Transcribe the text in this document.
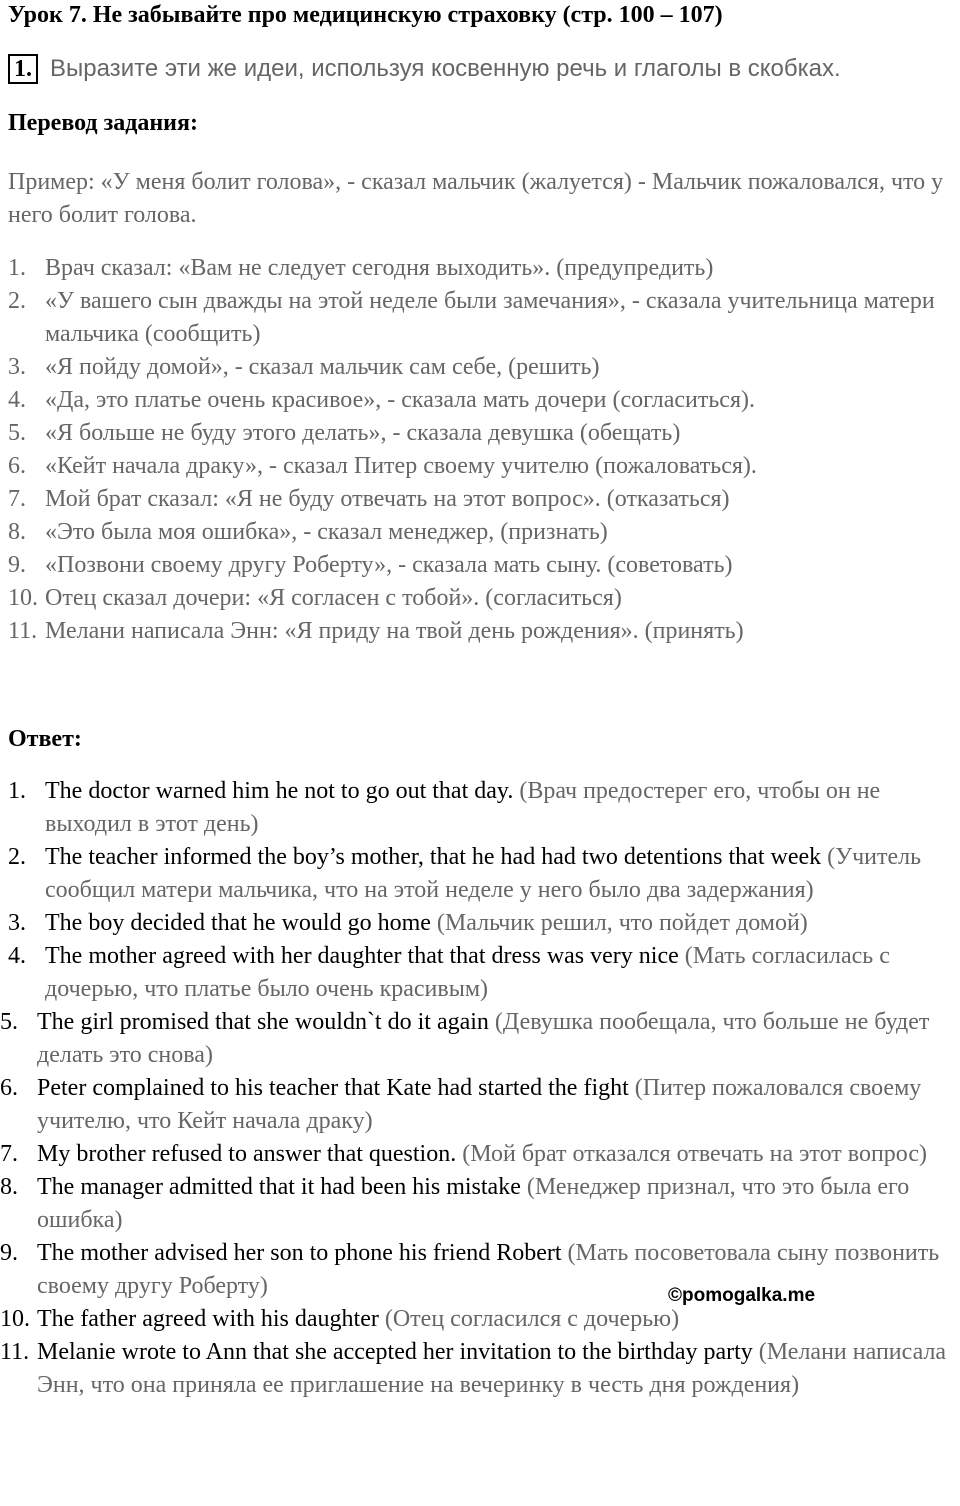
Урок 7. Не забывайте про медицинскую страховку (стр. 100 – 107)
1. Выразите эти же идеи, используя косвенную речь и глаголы в скобках.
Перевод задания:
Пример: «У меня болит голова», - сказал мальчик (жалуется) - Мальчик пожаловался, что у него болит голова.
1. Врач сказал: «Вам не следует сегодня выходить». (предупредить)
2. «У вашего сын дважды на этой неделе были замечания», - сказала учительница матери мальчика (сообщить)
3. «Я пойду домой», - сказал мальчик сам себе, (решить)
4. «Да, это платье очень красивое», - сказала мать дочери (согласиться).
5. «Я больше не буду этого делать», - сказала девушка (обещать)
6. «Кейт начала драку», - сказал Питер своему учителю (пожаловаться).
7. Мой брат сказал: «Я не буду отвечать на этот вопрос». (отказаться)
8. «Это была моя ошибка», - сказал менеджер, (признать)
9. «Позвони своему другу Роберту», - сказала мать сыну. (советовать)
10. Отец сказал дочери: «Я согласен с тобой». (согласиться)
11. Мелани написала Энн: «Я приду на твой день рождения». (принять)
Ответ:
1. The doctor warned him he not to go out that day. (Врач предостерег его, чтобы он не выходил в этот день)
2. The teacher informed the boy’s mother, that he had had two detentions that week (Учитель сообщил матери мальчика, что на этой неделе у него было два задержания)
3. The boy decided that he would go home (Мальчик решил, что пойдет домой)
4. The mother agreed with her daughter that that dress was very nice (Мать согласилась с дочерью, что платье было очень красивым)
5. The girl promised that she wouldn`t do it again (Девушка пообещала, что больше не будет делать это снова)
6. Peter complained to his teacher that Kate had started the fight (Питер пожаловался своему учителю, что Кейт начала драку)
7. My brother refused to answer that question. (Мой брат отказался отвечать на этот вопрос)
8. The manager admitted that it had been his mistake (Менеджер признал, что это была его ошибка)
9. The mother advised her son to phone his friend Robert (Мать посоветовала сыну позвонить своему другу Роберту)
10. The father agreed with his daughter (Отец согласился с дочерью)
11. Melanie wrote to Ann that she accepted her invitation to the birthday party (Мелани написала Энн, что она приняла ее приглашение на вечеринку в честь дня рождения)
©pomogalka.me
